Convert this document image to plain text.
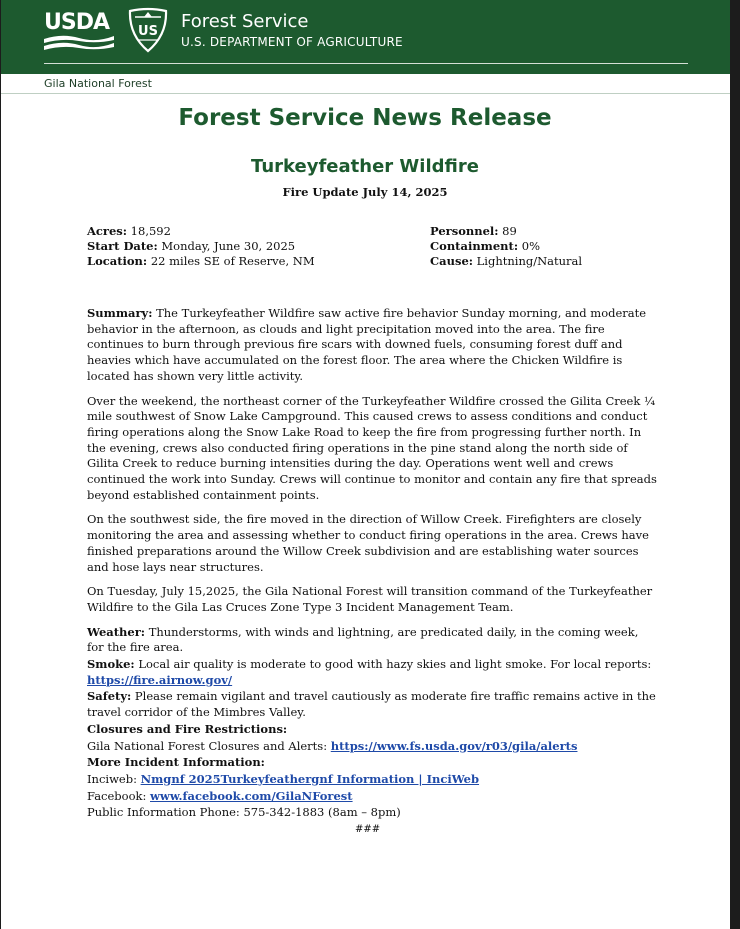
USDA US Forest Service
U.S. DEPARTMENT OF AGRICULTURE
Gila National Forest
Forest Service News Release
Turkeyfeather Wildfire
Fire Update July 14, 2025
Acres: 18,592
Start Date: Monday, June 30, 2025
Location: 22 miles SE of Reserve, NM
Personnel: 89
Containment: 0%
Cause: Lightning/Natural

Summary: The Turkeyfeather Wildfire saw active fire behavior Sunday morning, and moderate behavior in the afternoon, as clouds and light precipitation moved into the area. The fire continues to burn through previous fire scars with downed fuels, consuming forest duff and heavies which have accumulated on the forest floor. The area where the Chicken Wildfire is located has shown very little activity.

Over the weekend, the northeast corner of the Turkeyfeather Wildfire crossed the Gilita Creek ¼ mile southwest of Snow Lake Campground. This caused crews to assess conditions and conduct firing operations along the Snow Lake Road to keep the fire from progressing further north. In the evening, crews also conducted firing operations in the pine stand along the north side of Gilita Creek to reduce burning intensities during the day. Operations went well and crews continued the work into Sunday. Crews will continue to monitor and contain any fire that spreads beyond established containment points.

On the southwest side, the fire moved in the direction of Willow Creek. Firefighters are closely monitoring the area and assessing whether to conduct firing operations in the area. Crews have finished preparations around the Willow Creek subdivision and are establishing water sources and hose lays near structures.

On Tuesday, July 15,2025, the Gila National Forest will transition command of the Turkeyfeather Wildfire to the Gila Las Cruces Zone Type 3 Incident Management Team.

Weather: Thunderstorms, with winds and lightning, are predicated daily, in the coming week, for the fire area.

Smoke: Local air quality is moderate to good with hazy skies and light smoke. For local reports: https://fire.airnow.gov/

Safety: Please remain vigilant and travel cautiously as moderate fire traffic remains active in the travel corridor of the Mimbres Valley.

Closures and Fire Restrictions:

Gila National Forest Closures and Alerts: https://www.fs.usda.gov/r03/gila/alerts

More Incident Information:

Inciweb: Nmgnf 2025Turkeyfeathergnf Information | InciWeb

Facebook: www.facebook.com/GilaNForest

Public Information Phone: 575-342-1883 (8am – 8pm)

###
